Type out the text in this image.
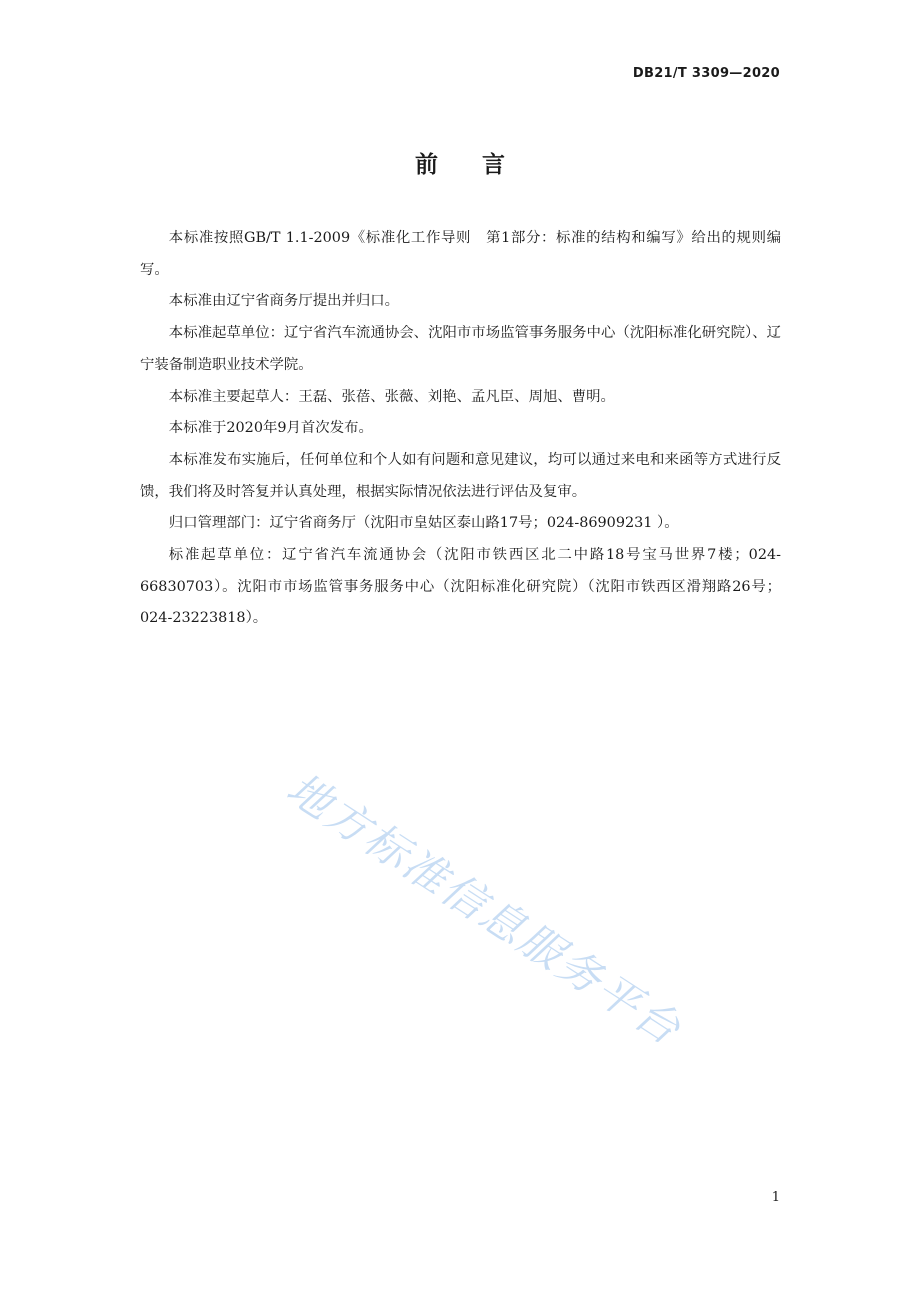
DB21/T 3309—2020
前言

本标准按照GB/T 1.1-2009《标准化工作导则　第1部分：标准的结构和编写》给出的规则编写。

本标准由辽宁省商务厅提出并归口。

本标准起草单位：辽宁省汽车流通协会、沈阳市市场监管事务服务中心（沈阳标准化研究院）、辽宁装备制造职业技术学院。

本标准主要起草人：王磊、张蓓、张薇、刘艳、孟凡臣、周旭、曹明。

本标准于2020年9月首次发布。

本标准发布实施后，任何单位和个人如有问题和意见建议，均可以通过来电和来函等方式进行反馈，我们将及时答复并认真处理，根据实际情况依法进行评估及复审。

归口管理部门：辽宁省商务厅（沈阳市皇姑区泰山路17号；024-86909231 ）。

标准起草单位：辽宁省汽车流通协会（沈阳市铁西区北二中路18号宝马世界7楼；024-66830703）。沈阳市市场监管事务服务中心（沈阳标准化研究院）（沈阳市铁西区滑翔路26号； 024-23223818）。

地方标准信息服务平台
1
